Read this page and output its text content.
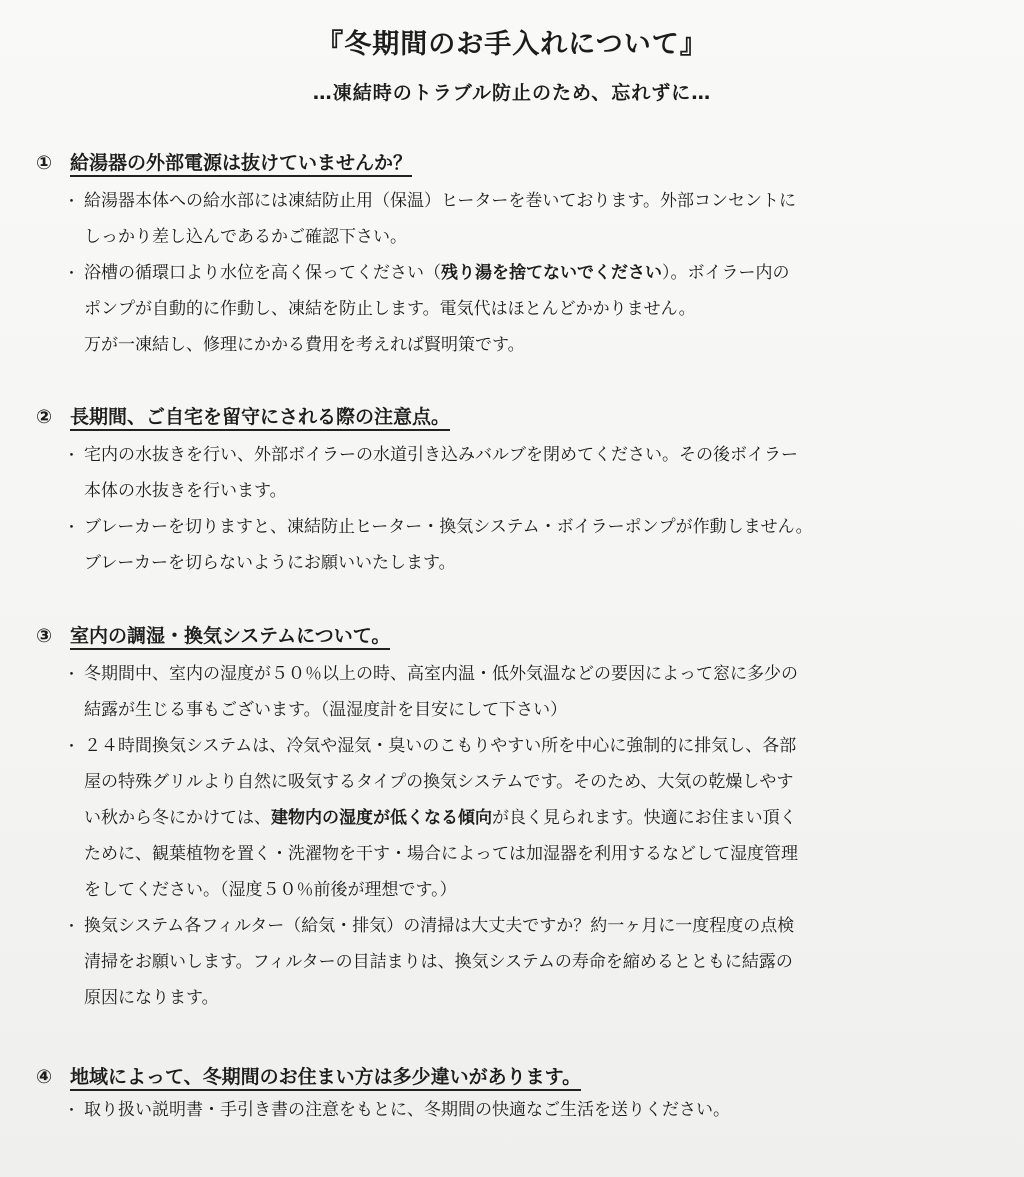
『冬期間のお手入れについて』
…凍結時のトラブル防止のため、忘れずに…
① 給湯器の外部電源は抜けていませんか？
・ 給湯器本体への給水部には凍結防止用（保温）ヒーターを巻いております。外部コンセントに
しっかり差し込んであるかご確認下さい。
・ 浴槽の循環口より水位を高く保ってください（残り湯を捨てないでください）。ボイラー内の
ポンプが自動的に作動し、凍結を防止します。電気代はほとんどかかりません。
万が一凍結し、修理にかかる費用を考えれば賢明策です。
② 長期間、ご自宅を留守にされる際の注意点。
・ 宅内の水抜きを行い、外部ボイラーの水道引き込みバルブを閉めてください。その後ボイラー
本体の水抜きを行います。
・ ブレーカーを切りますと、凍結防止ヒーター・換気システム・ボイラーポンプが作動しません。
ブレーカーを切らないようにお願いいたします。
③ 室内の調湿・換気システムについて。
・ 冬期間中、室内の湿度が５０％以上の時、高室内温・低外気温などの要因によって窓に多少の
結露が生じる事もございます。（温湿度計を目安にして下さい）
・ ２４時間換気システムは、冷気や湿気・臭いのこもりやすい所を中心に強制的に排気し、各部
屋の特殊グリルより自然に吸気するタイプの換気システムです。そのため、大気の乾燥しやす
い秋から冬にかけては、建物内の湿度が低くなる傾向が良く見られます。快適にお住まい頂く
ために、観葉植物を置く・洗濯物を干す・場合によっては加湿器を利用するなどして湿度管理
をしてください。（湿度５０％前後が理想です。）
・ 換気システム各フィルター（給気・排気）の清掃は大丈夫ですか？約一ヶ月に一度程度の点検
清掃をお願いします。フィルターの目詰まりは、換気システムの寿命を縮めるとともに結露の
原因になります。
④ 地域によって、冬期間のお住まい方は多少違いがあります。
・ 取り扱い説明書・手引き書の注意をもとに、冬期間の快適なご生活を送りください。
